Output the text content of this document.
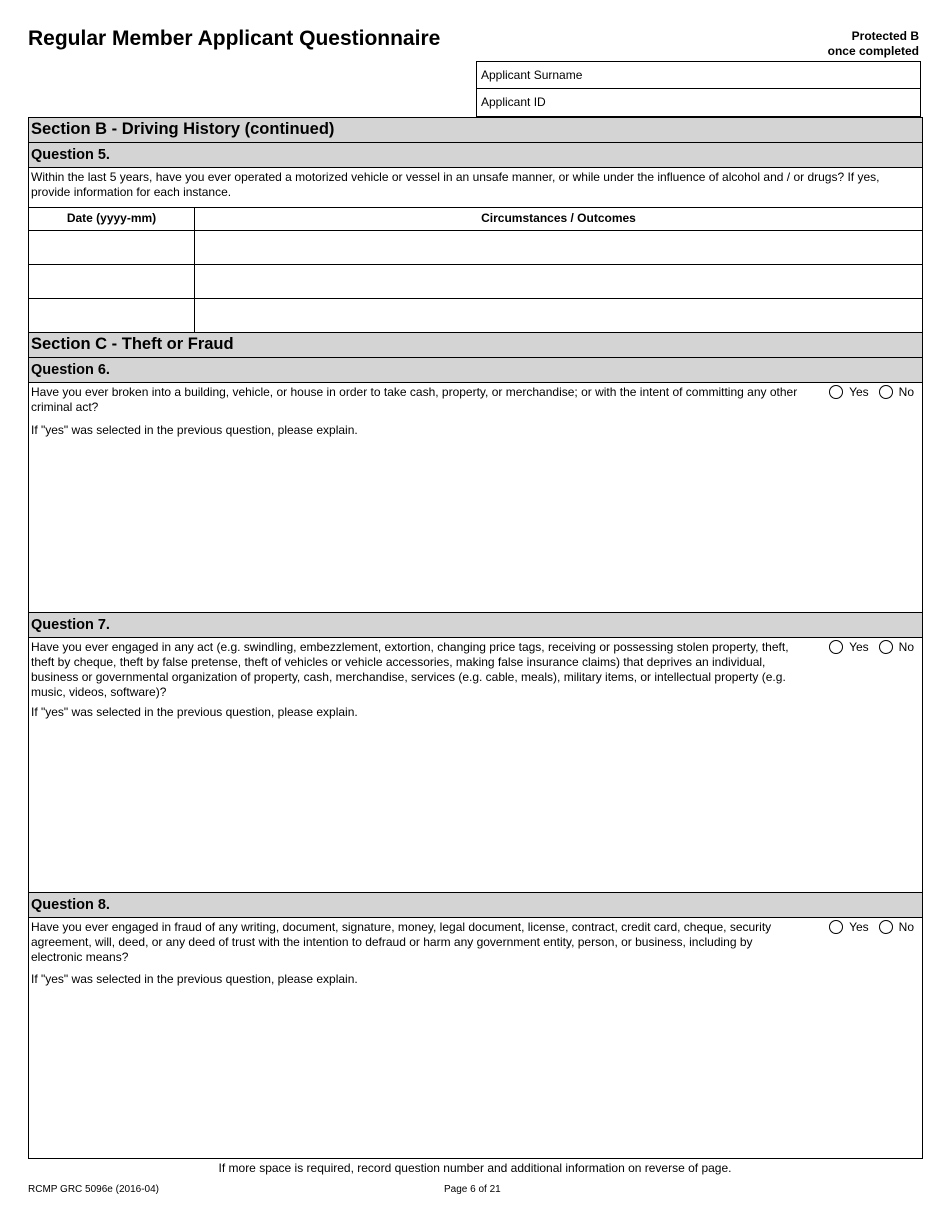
Regular Member Applicant Questionnaire	Protected B
once completed
Applicant Surname
Applicant ID
Section B - Driving History (continued)
Question 5.
Within the last 5 years, have you ever operated a motorized vehicle or vessel in an unsafe manner, or while under the influence of alcohol and / or drugs? If yes, provide information for each instance.
Date (yyyy-mm)	Circumstances / Outcomes
Section C - Theft or Fraud
Question 6.
Have you ever broken into a building, vehicle, or house in order to take cash, property, or merchandise; or with the intent of committing any other criminal act?
Yes	No
If "yes" was selected in the previous question, please explain.
Question 7.
Have you ever engaged in any act (e.g. swindling, embezzlement, extortion, changing price tags, receiving or possessing stolen property, theft, theft by cheque, theft by false pretense, theft of vehicles or vehicle accessories, making false insurance claims) that deprives an individual, business or governmental organization of property, cash, merchandise, services (e.g. cable, meals), military items, or intellectual property (e.g. music, videos, software)?
Yes	No
If "yes" was selected in the previous question, please explain.
Question 8.
Have you ever engaged in fraud of any writing, document, signature, money, legal document, license, contract, credit card, cheque, security agreement, will, deed, or any deed of trust with the intention to defraud or harm any government entity, person, or business, including by electronic means?
Yes	No
If "yes" was selected in the previous question, please explain.
If more space is required, record question number and additional information on reverse of page.
RCMP GRC 5096e (2016-04)	Page 6 of 21
